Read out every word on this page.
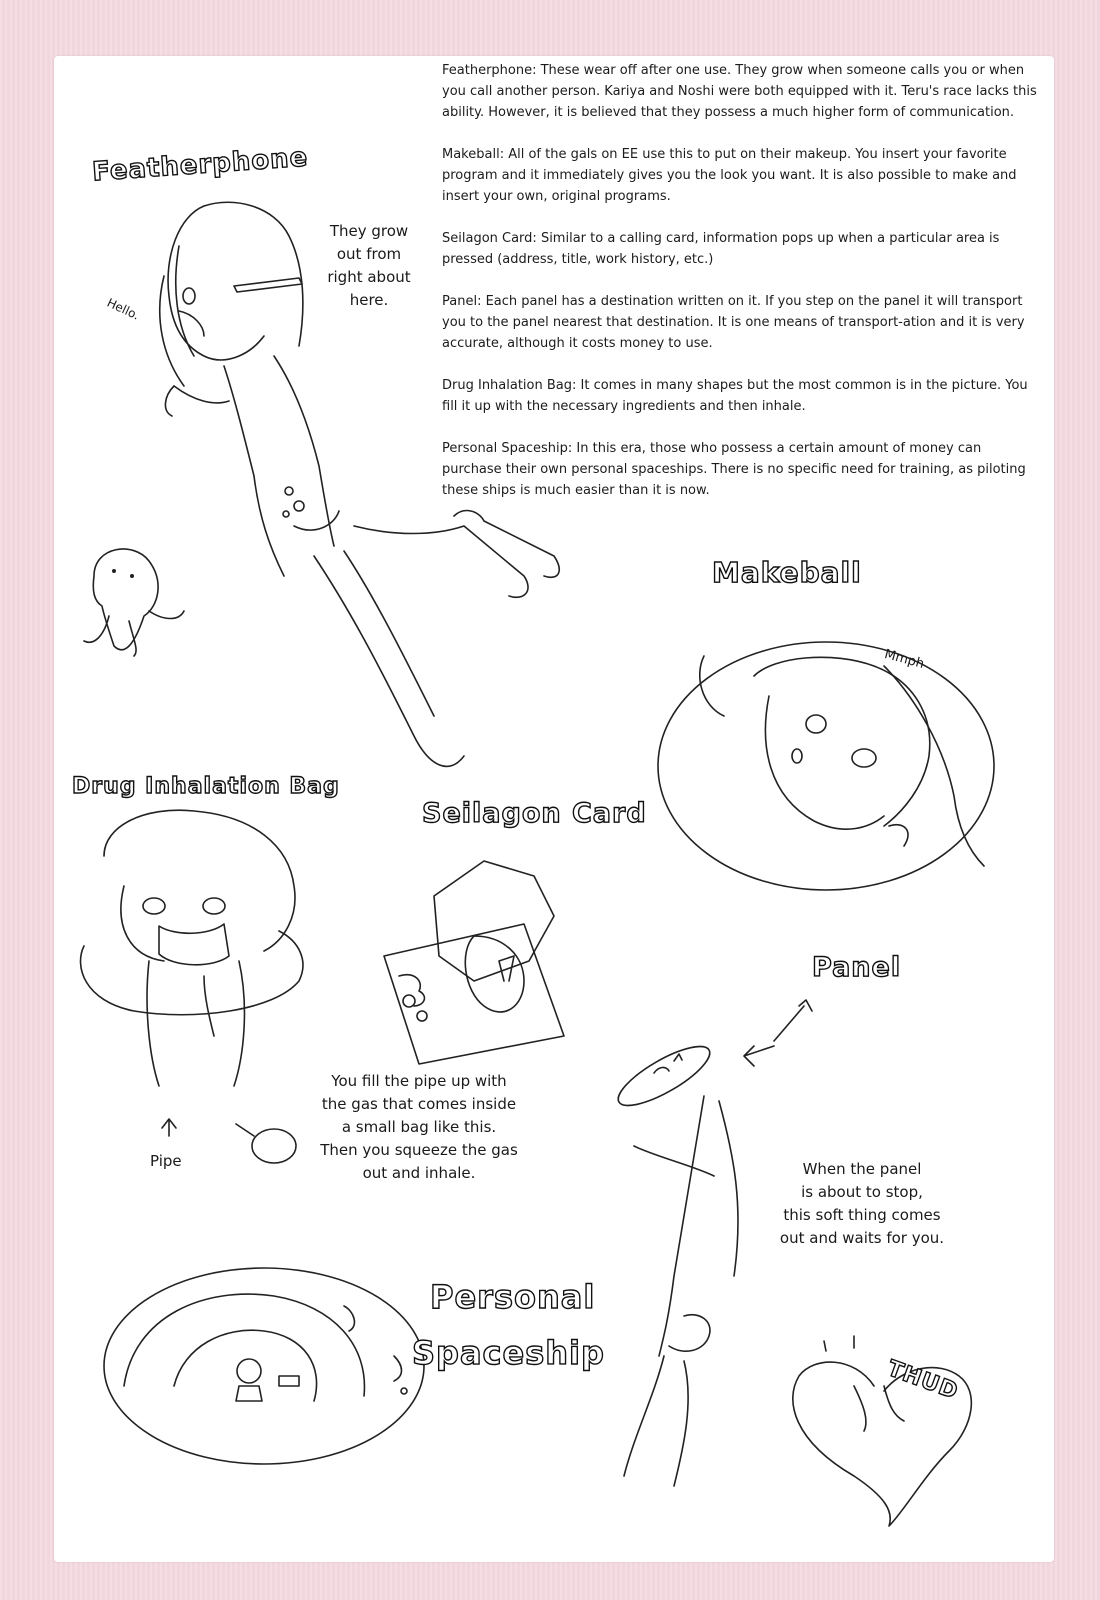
Featherphone: These wear off after one use. They grow when someone calls you or when you call another person. Kariya and Noshi were both equipped with it. Teru's race lacks this ability. However, it is believed that they possess a much higher form of communication.

Makeball: All of the gals on EE use this to put on their makeup. You insert your favorite program and it immediately gives you the look you want. It is also possible to make and insert your own, original programs.

Seilagon Card: Similar to a calling card, information pops up when a particular area is pressed (address, title, work history, etc.)

Panel: Each panel has a destination written on it. If you step on the panel it will transport you to the panel nearest that destination. It is one means of transport-ation and it is very accurate, although it costs money to use.

Drug Inhalation Bag: It comes in many shapes but the most common is in the picture. You fill it up with the necessary ingredients and then inhale.

Personal Spaceship: In this era, those who possess a certain amount of money can purchase their own personal spaceships. There is no specific need for training, as piloting these ships is much easier than it is now.

Featherphone
Makeball
Drug Inhalation Bag
Seilagon Card
Panel
Personal
Spaceship
They grow
out from
right about
here.
Hello.
Mmph
Pipe
You fill the pipe up with
the gas that comes inside
a small bag like this.
Then you squeeze the gas
out and inhale.	When the panel
is about to stop,
this soft thing comes
out and waits for you.
THUD
